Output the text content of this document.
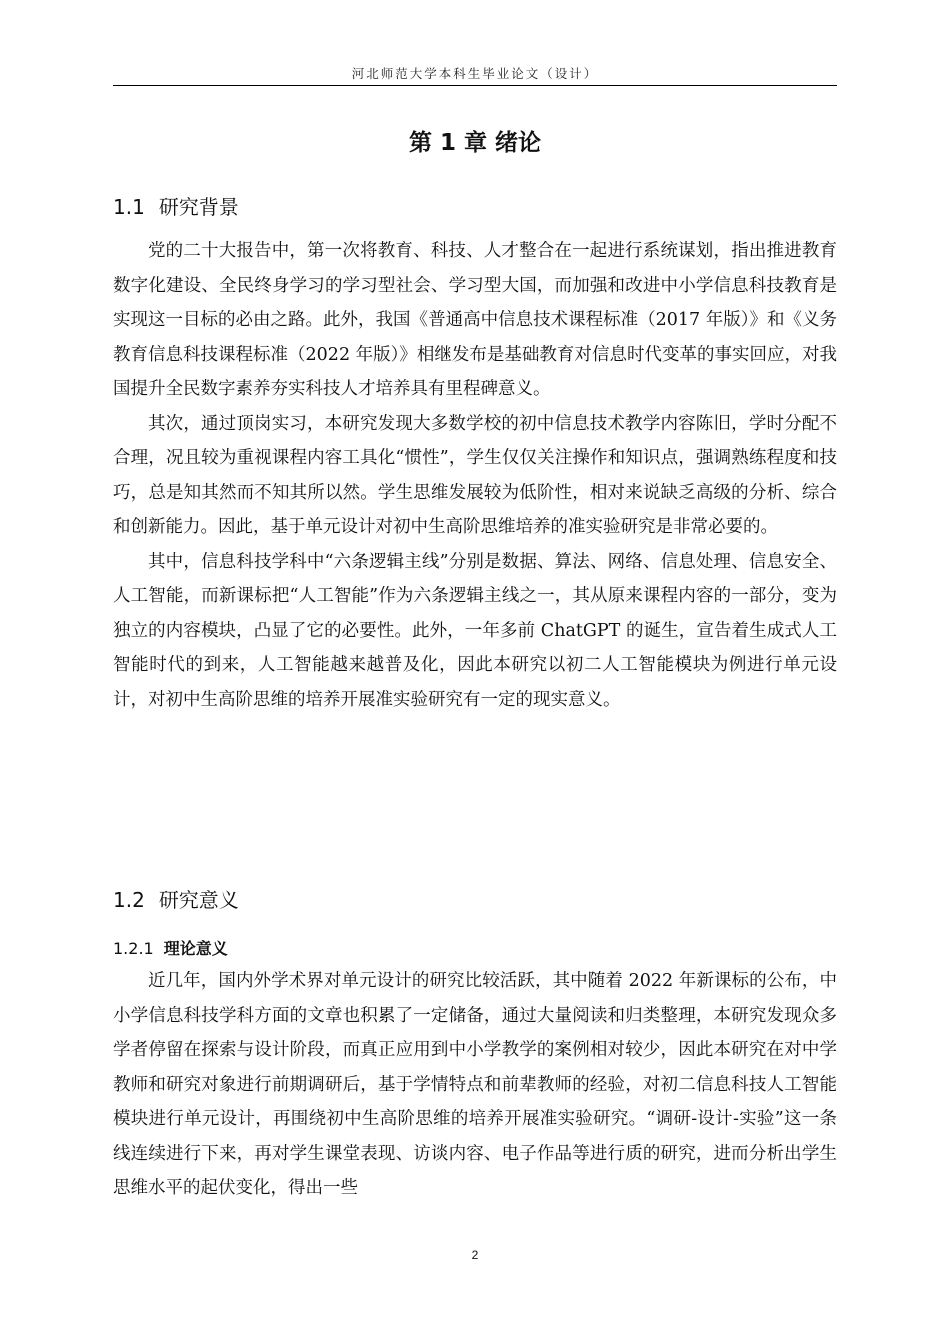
河北师范大学本科生毕业论文（设计）
第 1 章 绪论
1.1 研究背景

党的二十大报告中，第一次将教育、科技、人才整合在一起进行系统谋划，指出推进教育数字化建设、全民终身学习的学习型社会、学习型大国，而加强和改进中小学信息科技教育是实现这一目标的必由之路。此外，我国《普通高中信息技术课程标准（2017 年版）》和《义务教育信息科技课程标准（2022 年版）》相继发布是基础教育对信息时代变革的事实回应，对我国提升全民数字素养夯实科技人才培养具有里程碑意义。

其次，通过顶岗实习，本研究发现大多数学校的初中信息技术教学内容陈旧，学时分配不合理，况且较为重视课程内容工具化“惯性”，学生仅仅关注操作和知识点，强调熟练程度和技巧，总是知其然而不知其所以然。学生思维发展较为低阶性，相对来说缺乏高级的分析、综合和创新能力。因此，基于单元设计对初中生高阶思维培养的准实验研究是非常必要的。

其中，信息科技学科中“六条逻辑主线”分别是数据、算法、网络、信息处理、信息安全、人工智能，而新课标把“人工智能”作为六条逻辑主线之一，其从原来课程内容的一部分，变为独立的内容模块，凸显了它的必要性。此外，一年多前 ChatGPT 的诞生，宣告着生成式人工智能时代的到来，人工智能越来越普及化，因此本研究以初二人工智能模块为例进行单元设计，对初中生高阶思维的培养开展准实验研究有一定的现实意义。

1.2 研究意义
1.2.1 理论意义

近几年，国内外学术界对单元设计的研究比较活跃，其中随着 2022 年新课标的公布，中小学信息科技学科方面的文章也积累了一定储备，通过大量阅读和归类整理，本研究发现众多学者停留在探索与设计阶段，而真正应用到中小学教学的案例相对较少，因此本研究在对中学教师和研究对象进行前期调研后，基于学情特点和前辈教师的经验，对初二信息科技人工智能模块进行单元设计，再围绕初中生高阶思维的培养开展准实验研究。“调研-设计-实验”这一条线连续进行下来，再对学生课堂表现、访谈内容、电子作品等进行质的研究，进而分析出学生思维水平的起伏变化，得出一些

2
